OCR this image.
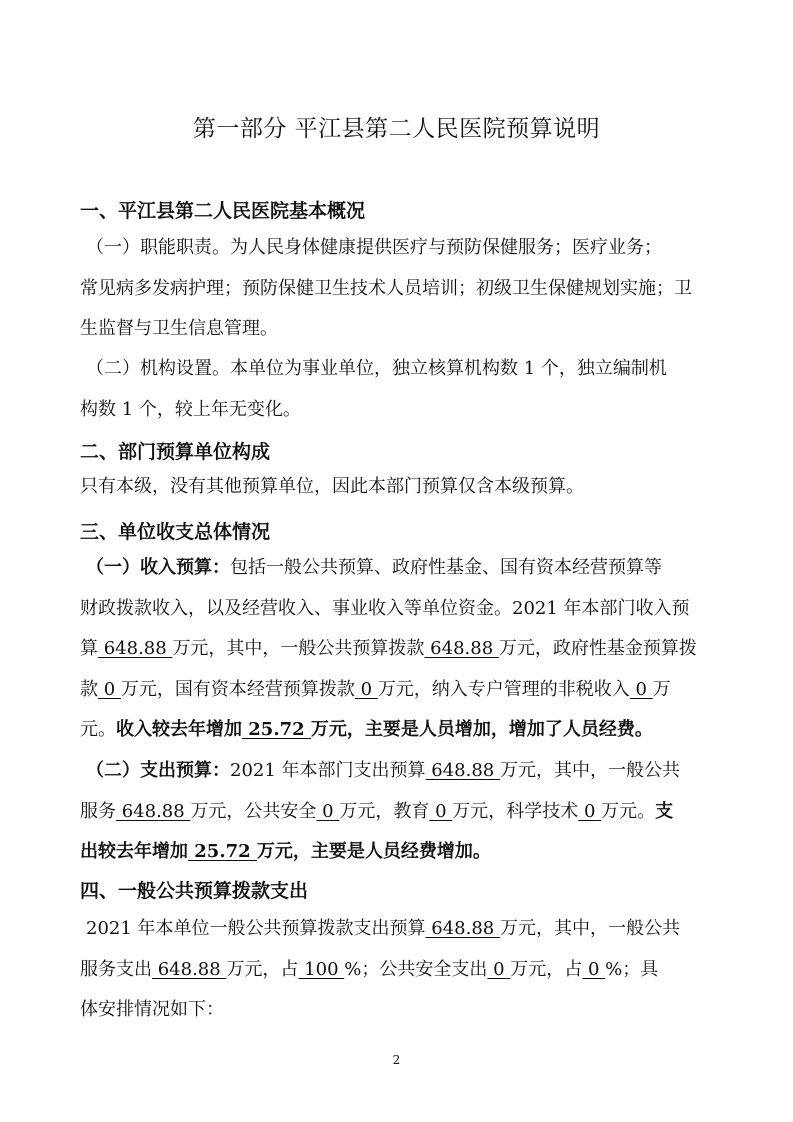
第一部分 平江县第二人民医院预算说明
一、平江县第二人民医院基本概况
（一）职能职责。为人民身体健康提供医疗与预防保健服务；医疗业务；
常见病多发病护理；预防保健卫生技术人员培训；初级卫生保健规划实施；卫
生监督与卫生信息管理。
（二）机构设置。本单位为事业单位，独立核算机构数 1 个，独立编制机
构数 1 个，较上年无变化。
二、部门预算单位构成
只有本级，没有其他预算单位，因此本部门预算仅含本级预算。
三、单位收支总体情况
（一）收入预算：包括一般公共预算、政府性基金、国有资本经营预算等
财政拨款收入，以及经营收入、事业收入等单位资金。2021 年本部门收入预
算 648.88 万元，其中，一般公共预算拨款 648.88 万元，政府性基金预算拨
款 0 万元，国有资本经营预算拨款 0 万元，纳入专户管理的非税收入 0 万
元。收入较去年增加 25.72 万元，主要是人员增加，增加了人员经费。
（二）支出预算：2021 年本部门支出预算 648.88 万元，其中，一般公共
服务 648.88 万元，公共安全 0 万元，教育 0 万元，科学技术 0 万元。支
出较去年增加 25.72 万元，主要是人员经费增加。
四、一般公共预算拨款支出
2021 年本单位一般公共预算拨款支出预算 648.88 万元，其中，一般公共
服务支出 648.88 万元，占 100 %；公共安全支出 0 万元，占 0 %；具
体安排情况如下：
2
